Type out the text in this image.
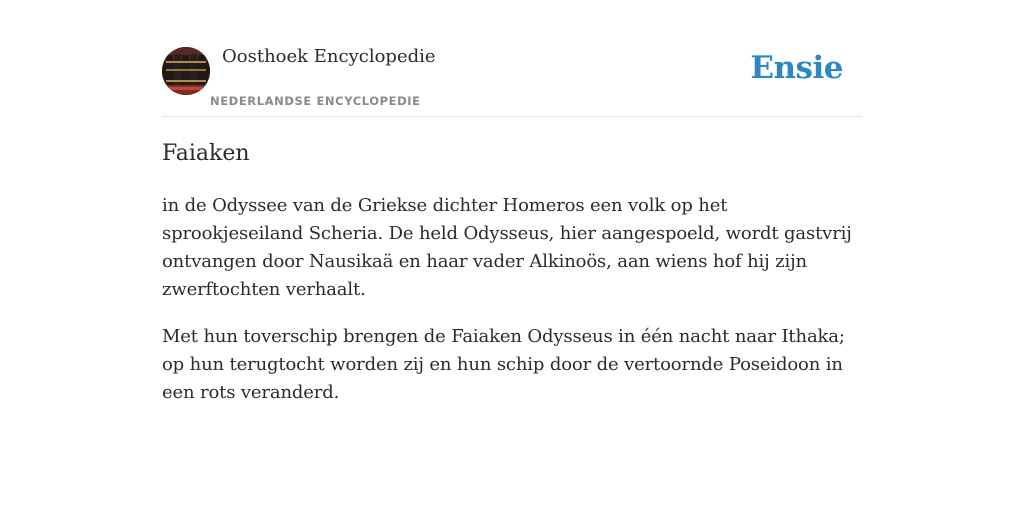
Oosthoek Encyclopedie
NEDERLANDSE ENCYCLOPEDIE
Ensie
Faiaken

in de Odyssee van de Griekse dichter Homeros een volk op het sprookjeseiland Scheria. De held Odysseus, hier aangespoeld, wordt gastvrij ontvangen door Nausikaä en haar vader Alkinoös, aan wiens hof hij zijn zwerftochten verhaalt.

Met hun toverschip brengen de Faiaken Odysseus in één nacht naar Ithaka; op hun terugtocht worden zij en hun schip door de vertoornde Poseidoon in een rots veranderd.
